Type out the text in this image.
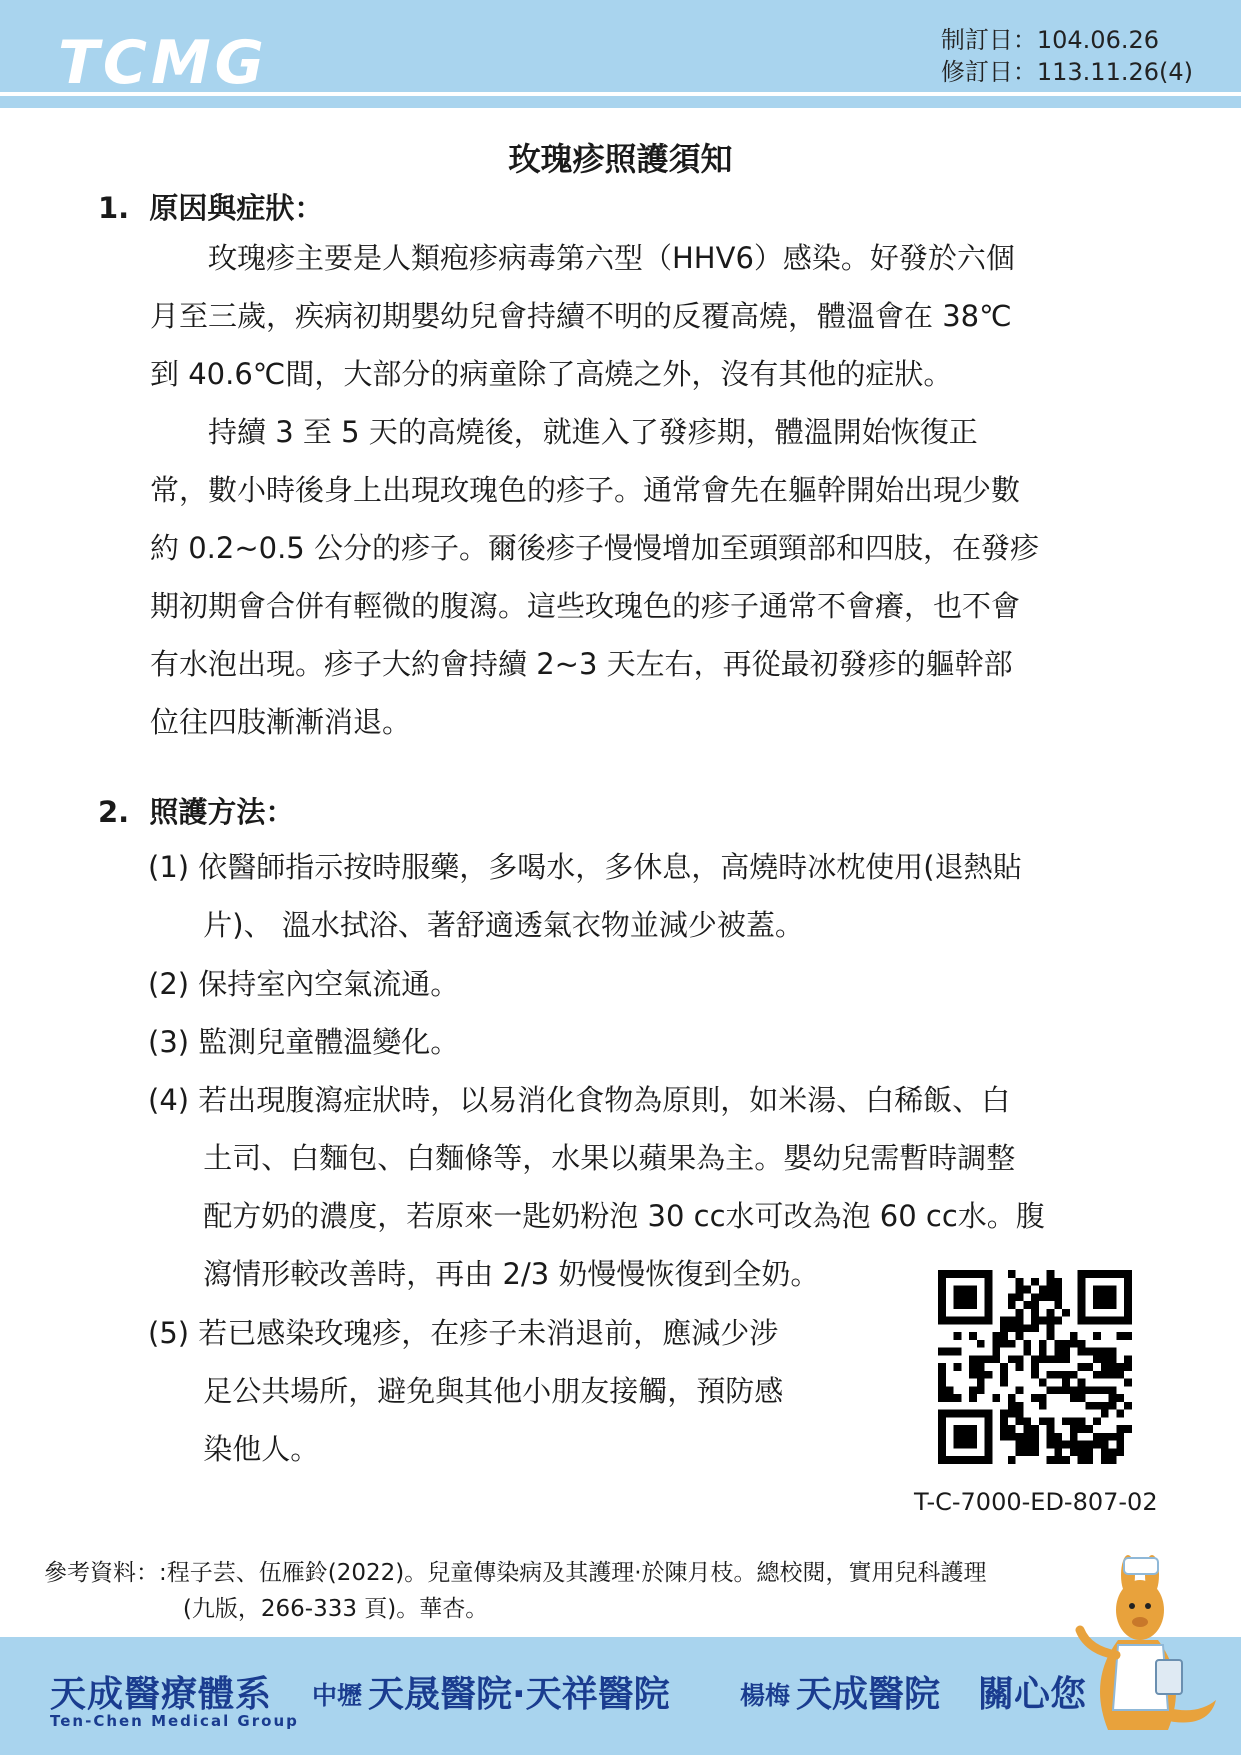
TCMG	制訂日：104.06.26
修訂日：113.11.26(4)
玫瑰疹照護須知
1.  原因與症狀：
　　玫瑰疹主要是人類疱疹病毒第六型（HHV6）感染。好發於六個
月至三歲，疾病初期嬰幼兒會持續不明的反覆高燒，體溫會在 38℃
到 40.6℃間，大部分的病童除了高燒之外，沒有其他的症狀。
　　持續 3 至 5 天的高燒後，就進入了發疹期，體溫開始恢復正
常，數小時後身上出現玫瑰色的疹子。通常會先在軀幹開始出現少數
約 0.2~0.5 公分的疹子。爾後疹子慢慢增加至頭頸部和四肢，在發疹
期初期會合併有輕微的腹瀉。這些玫瑰色的疹子通常不會癢，也不會
有水泡出現。疹子大約會持續 2~3 天左右，再從最初發疹的軀幹部
位往四肢漸漸消退。
2.  照護方法：
(1) 依醫師指示按時服藥，多喝水，多休息，高燒時冰枕使用(退熱貼
片)、 溫水拭浴、著舒適透氣衣物並減少被蓋。
(2) 保持室內空氣流通。
(3) 監測兒童體溫變化。
(4) 若出現腹瀉症狀時，以易消化食物為原則，如米湯、白稀飯、白
土司、白麵包、白麵條等，水果以蘋果為主。嬰幼兒需暫時調整
配方奶的濃度，若原來一匙奶粉泡 30 cc水可改為泡 60 cc水。腹
瀉情形較改善時，再由 2/3 奶慢慢恢復到全奶。
(5) 若已感染玫瑰疹，在疹子未消退前，應減少涉
足公共場所，避免與其他小朋友接觸，預防感
染他人。
T-C-7000-ED-807-02
參考資料：:程子芸、伍雁鈴(2022)。兒童傳染病及其護理·於陳月枝。總校閱，實用兒科護理
(九版，266-333 頁)。華杏。
天成醫療體系
Ten-Chen Medical Group
中壢 天晟醫院·天祥醫院	楊梅 天成醫院 關心您
